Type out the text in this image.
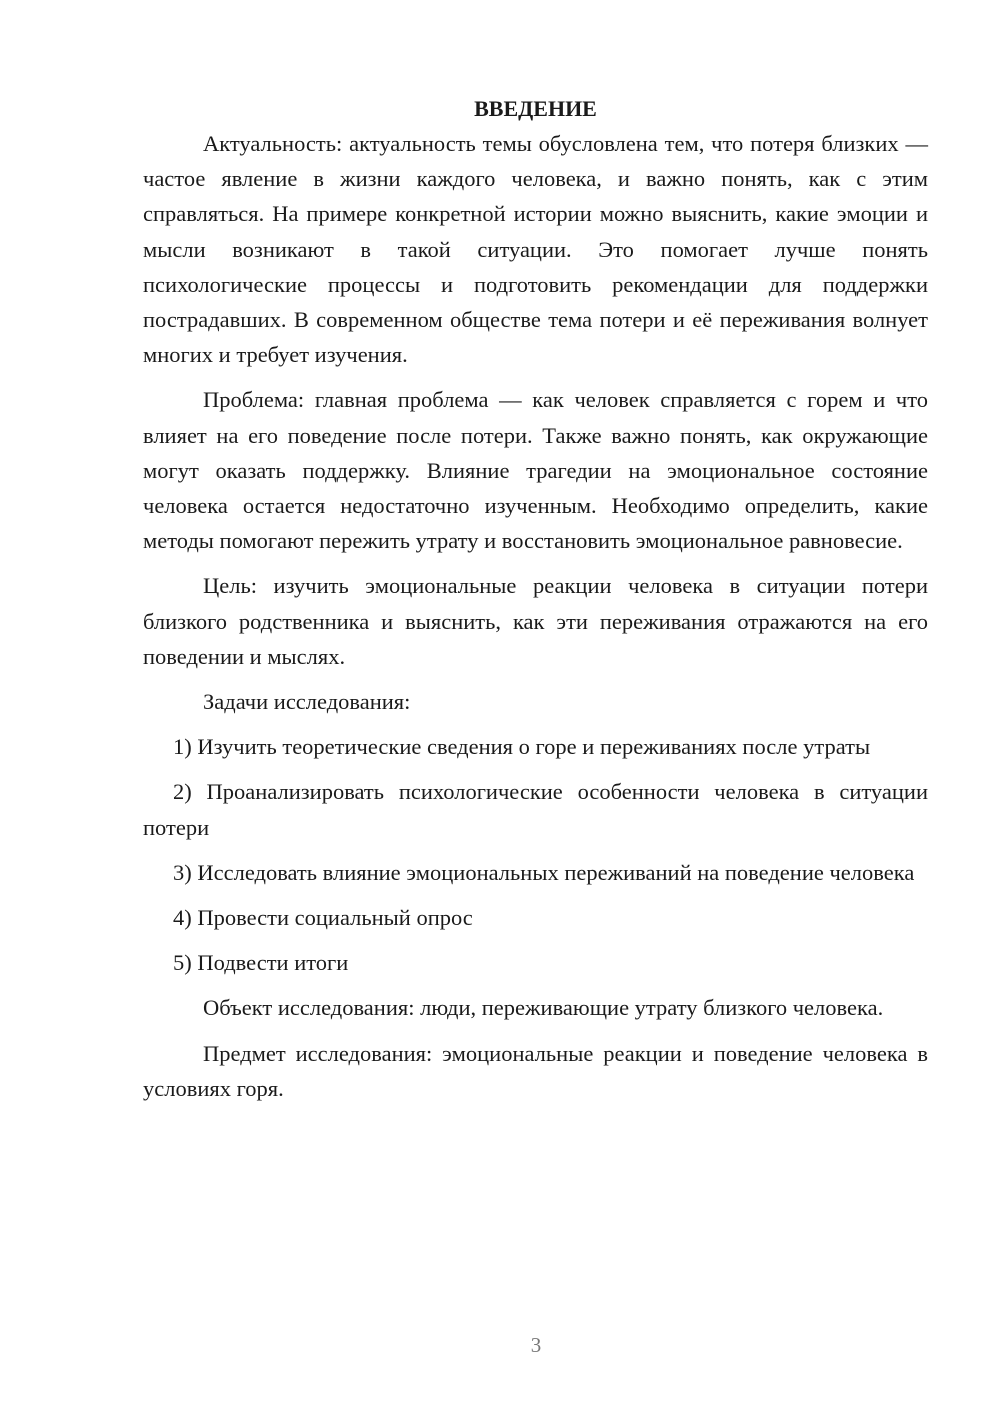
ВВЕДЕНИЕ

Актуальность: актуальность темы обусловлена тем, что потеря близких — частое явление в жизни каждого человека, и важно понять, как с этим справляться. На примере конкретной истории можно выяснить, какие эмоции и мысли возникают в такой ситуации. Это помогает лучше понять психологические процессы и подготовить рекомендации для поддержки пострадавших. В современном обществе тема потери и её переживания волнует многих и требует изучения.

Проблема: главная проблема — как человек справляется с горем и что влияет на его поведение после потери. Также важно понять, как окружающие могут оказать поддержку. Влияние трагедии на эмоциональное состояние человека остается недостаточно изученным. Необходимо определить, какие методы помогают пережить утрату и восстановить эмоциональное равновесие.

Цель: изучить эмоциональные реакции человека в ситуации потери близкого родственника и выяснить, как эти переживания отражаются на его поведении и мыслях.

Задачи исследования:

1) Изучить теоретические сведения о горе и переживаниях после утраты

2) Проанализировать психологические особенности человека в ситуации потери

3) Исследовать влияние эмоциональных переживаний на поведение человека

4) Провести социальный опрос

5) Подвести итоги

Объект исследования: люди, переживающие утрату близкого человека.

Предмет исследования: эмоциональные реакции и поведение человека в условиях горя.

3
